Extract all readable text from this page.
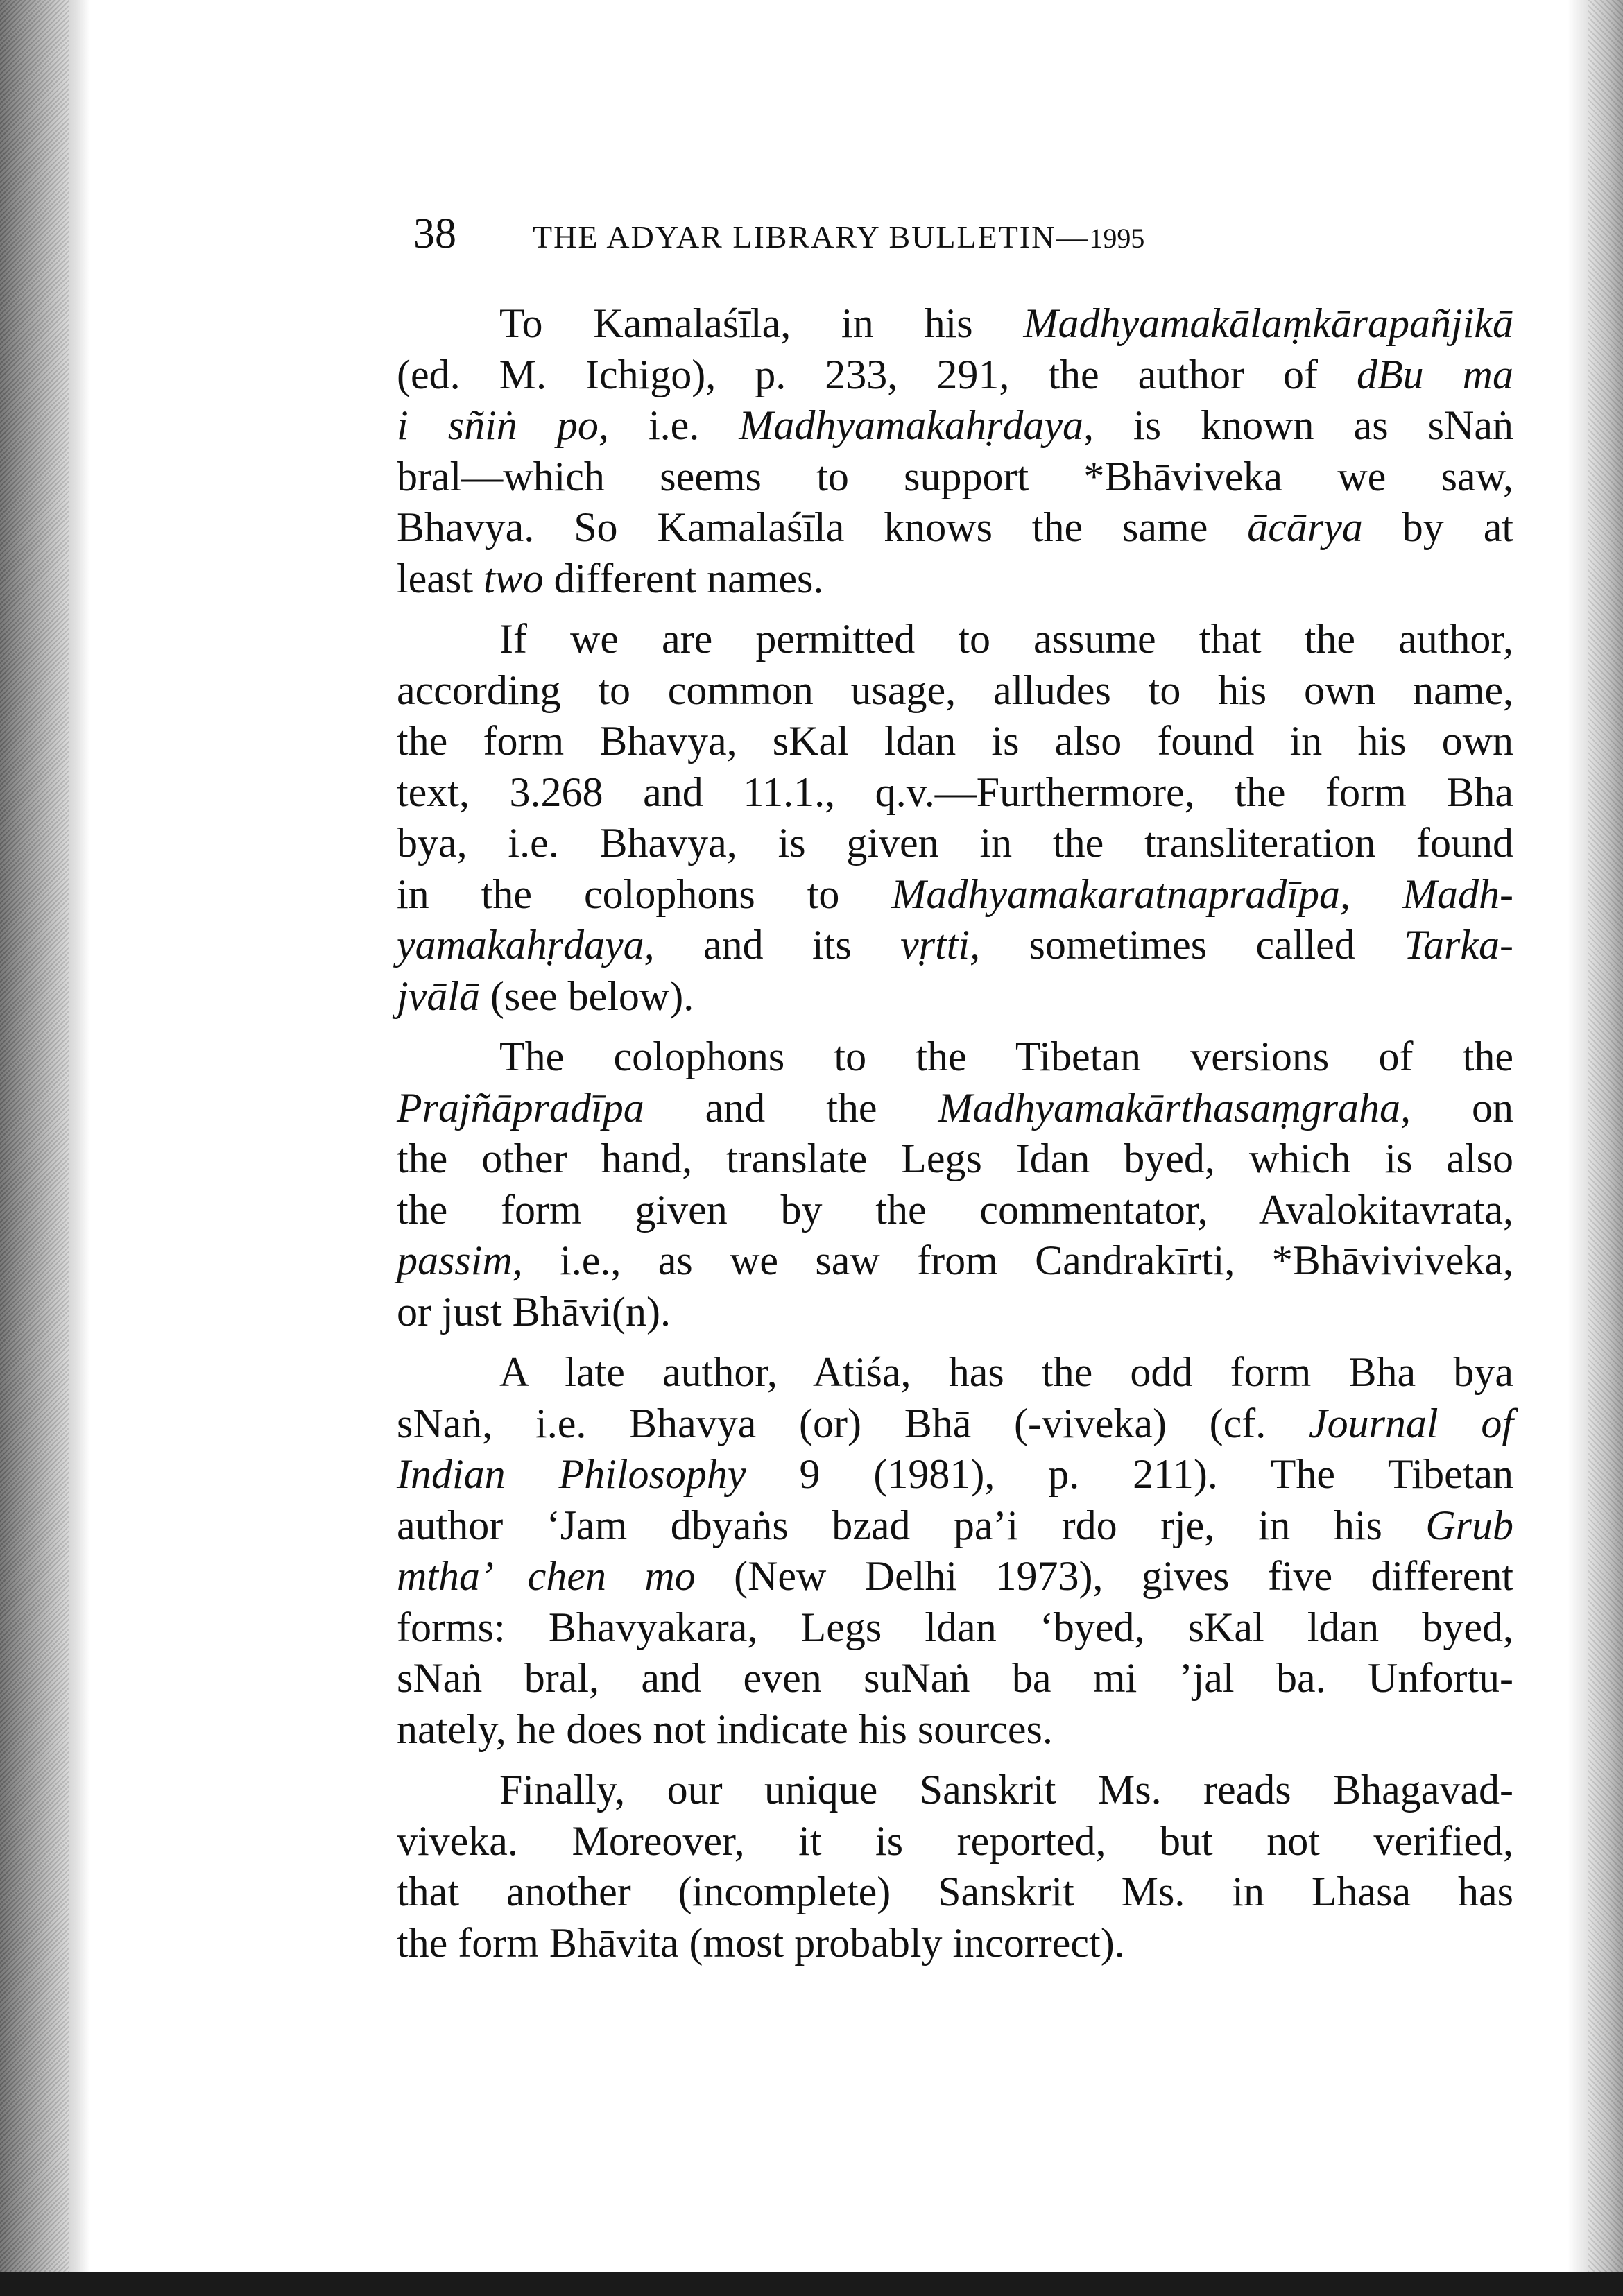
38 THE ADYAR LIBRARY BULLETIN—1995
To Kamalaśīla, in his Madhyamakālaṃkārapañjikā
(ed. M. Ichigo), p. 233, 291, the author of dBu ma
i sñiṅ po, i.e. Madhyamakahṛdaya, is known as sNaṅ
bral—which seems to support *Bhāviveka we saw,
Bhavya. So Kamalaśīla knows the same ācārya by at
least two different names.
If we are permitted to assume that the author,
according to common usage, alludes to his own name,
the form Bhavya, sKal ldan is also found in his own
text, 3.268 and 11.1., q.v.—Furthermore, the form Bha
bya, i.e. Bhavya, is given in the transliteration found
in the colophons to Madhyamakaratnapradīpa, Madh-
yamakahṛdaya, and its vṛtti, sometimes called Tarka-
jvālā (see below).
The colophons to the Tibetan versions of the
Prajñāpradīpa and the Madhyamakārthasaṃgraha, on
the other hand, translate Legs Idan byed, which is also
the form given by the commentator, Avalokitavrata,
passim, i.e., as we saw from Candrakīrti, *Bhāviviveka,
or just Bhāvi(n).
A late author, Atiśa, has the odd form Bha bya
sNaṅ, i.e. Bhavya (or) Bhā (-viveka) (cf. Journal of
Indian Philosophy 9 (1981), p. 211). The Tibetan
author ‘Jam dbyaṅs bzad pa’i rdo rje, in his Grub
mtha’ chen mo (New Delhi 1973), gives five different
forms: Bhavyakara, Legs ldan ‘byed, sKal ldan byed,
sNaṅ bral, and even suNaṅ ba mi ’jal ba. Unfortu-
nately, he does not indicate his sources.
Finally, our unique Sanskrit Ms. reads Bhagavad-
viveka. Moreover, it is reported, but not verified,
that another (incomplete) Sanskrit Ms. in Lhasa has
the form Bhāvita (most probably incorrect).
